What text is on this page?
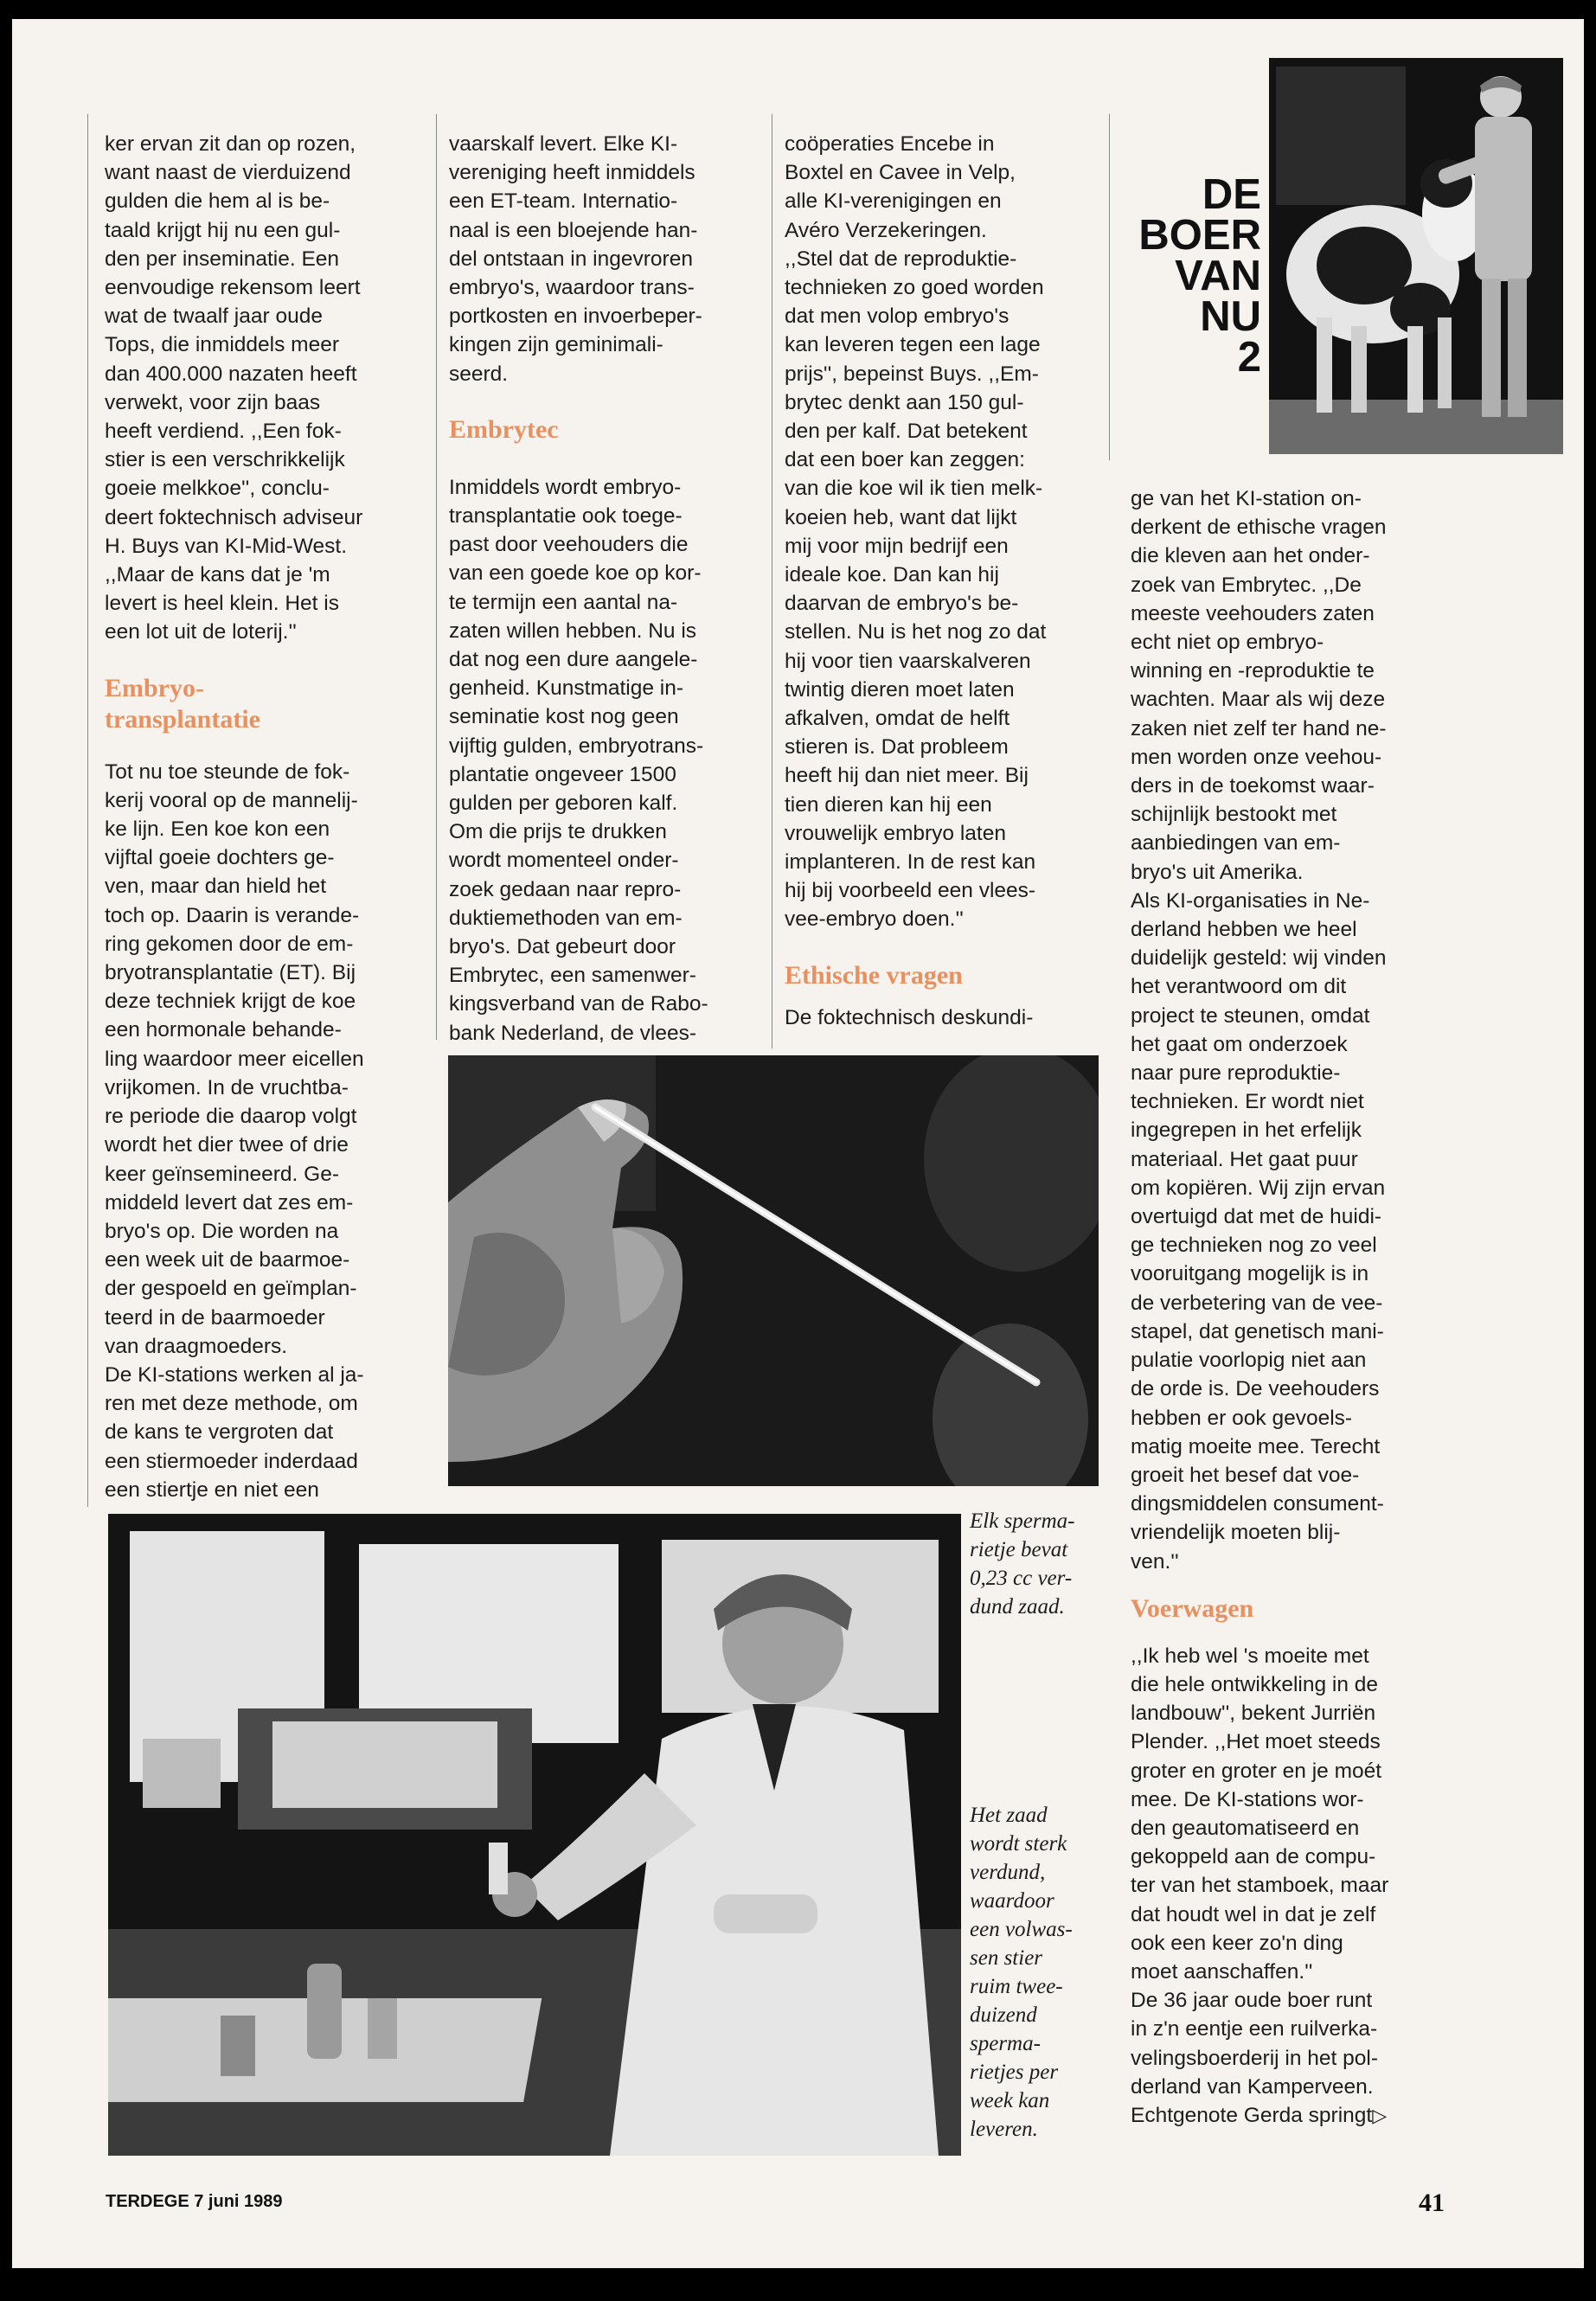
ker ervan zit dan op rozen,
want naast de vierduizend
gulden die hem al is be-
taald krijgt hij nu een gul-
den per inseminatie. Een
eenvoudige rekensom leert
wat de twaalf jaar oude
Tops, die inmiddels meer
dan 400.000 nazaten heeft
verwekt, voor zijn baas
heeft verdiend. ,,Een fok-
stier is een verschrikkelijk
goeie melkkoe'', conclu-
deert foktechnisch adviseur
H. Buys van KI-Mid-West.
,,Maar de kans dat je 'm
levert is heel klein. Het is
een lot uit de loterij.''

Embryo-
transplantatie

Tot nu toe steunde de fok-
kerij vooral op de mannelij-
ke lijn. Een koe kon een
vijftal goeie dochters ge-
ven, maar dan hield het
toch op. Daarin is verande-
ring gekomen door de em-
bryotransplantatie (ET). Bij
deze techniek krijgt de koe
een hormonale behande-
ling waardoor meer eicellen
vrijkomen. In de vruchtba-
re periode die daarop volgt
wordt het dier twee of drie
keer geïnsemineerd. Ge-
middeld levert dat zes em-
bryo's op. Die worden na
een week uit de baarmoe-
der gespoeld en geïmplan-
teerd in de baarmoeder
van draagmoeders.
De KI-stations werken al ja-
ren met deze methode, om
de kans te vergroten dat
een stiermoeder inderdaad
een stiertje en niet een

vaarskalf levert. Elke KI-
vereniging heeft inmiddels
een ET-team. Internatio-
naal is een bloejende han-
del ontstaan in ingevroren
embryo's, waardoor trans-
portkosten en invoerbeper-
kingen zijn geminimali-
seerd.

Embrytec

Inmiddels wordt embryo-
transplantatie ook toege-
past door veehouders die
van een goede koe op kor-
te termijn een aantal na-
zaten willen hebben. Nu is
dat nog een dure aangele-
genheid. Kunstmatige in-
seminatie kost nog geen
vijftig gulden, embryotrans-
plantatie ongeveer 1500
gulden per geboren kalf.
Om die prijs te drukken
wordt momenteel onder-
zoek gedaan naar repro-
duktiemethoden van em-
bryo's. Dat gebeurt door
Embrytec, een samenwer-
kingsverband van de Rabo-
bank Nederland, de vlees-

coöperaties Encebe in
Boxtel en Cavee in Velp,
alle KI-verenigingen en
Avéro Verzekeringen.
,,Stel dat de reproduktie-
technieken zo goed worden
dat men volop embryo's
kan leveren tegen een lage
prijs'', bepeinst Buys. ,,Em-
brytec denkt aan 150 gul-
den per kalf. Dat betekent
dat een boer kan zeggen:
van die koe wil ik tien melk-
koeien heb, want dat lijkt
mij voor mijn bedrijf een
ideale koe. Dan kan hij
daarvan de embryo's be-
stellen. Nu is het nog zo dat
hij voor tien vaarskalveren
twintig dieren moet laten
afkalven, omdat de helft
stieren is. Dat probleem
heeft hij dan niet meer. Bij
tien dieren kan hij een
vrouwelijk embryo laten
implanteren. In de rest kan
hij bij voorbeeld een vlees-
vee-embryo doen.''

Ethische vragen

De foktechnisch deskundi-

DE
BOER
VAN
NU
2

ge van het KI-station on-
derkent de ethische vragen
die kleven aan het onder-
zoek van Embrytec. ,,De
meeste veehouders zaten
echt niet op embryo-
winning en -reproduktie te
wachten. Maar als wij deze
zaken niet zelf ter hand ne-
men worden onze veehou-
ders in de toekomst waar-
schijnlijk bestookt met
aanbiedingen van em-
bryo's uit Amerika.
Als KI-organisaties in Ne-
derland hebben we heel
duidelijk gesteld: wij vinden
het verantwoord om dit
project te steunen, omdat
het gaat om onderzoek
naar pure reproduktie-
technieken. Er wordt niet
ingegrepen in het erfelijk
materiaal. Het gaat puur
om kopiëren. Wij zijn ervan
overtuigd dat met de huidi-
ge technieken nog zo veel
vooruitgang mogelijk is in
de verbetering van de vee-
stapel, dat genetisch mani-
pulatie voorlopig niet aan
de orde is. De veehouders
hebben er ook gevoels-
matig moeite mee. Terecht
groeit het besef dat voe-
dingsmiddelen consument-
vriendelijk moeten blij-
ven.''

Voerwagen

,,Ik heb wel 's moeite met
die hele ontwikkeling in de
landbouw'', bekent Jurriën
Plender. ,,Het moet steeds
groter en groter en je moét
mee. De KI-stations wor-
den geautomatiseerd en
gekoppeld aan de compu-
ter van het stamboek, maar
dat houdt wel in dat je zelf
ook een keer zo'n ding
moet aanschaffen.''
De 36 jaar oude boer runt
in z'n eentje een ruilverka-
velingsboerderij in het pol-
derland van Kamperveen.
Echtgenote Gerda springt

▷
Elk sperma-
rietje bevat
0,23 cc ver-
dund zaad.
Het zaad
wordt sterk
verdund,
waardoor
een volwas-
sen stier
ruim twee-
duizend
sperma-
rietjes per
week kan
leveren.
TERDEGE 7 juni 1989	41
